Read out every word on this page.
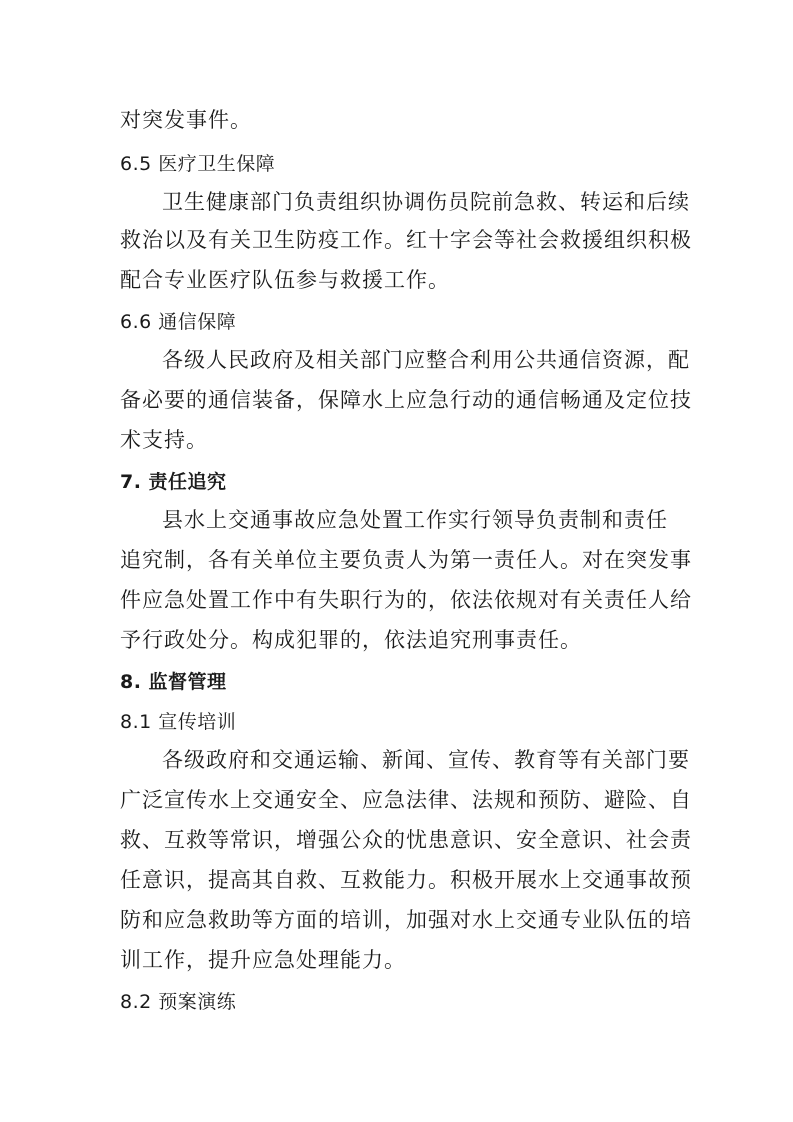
对突发事件。
6.5 医疗卫生保障
卫生健康部门负责组织协调伤员院前急救、转运和后续
救治以及有关卫生防疫工作。红十字会等社会救援组织积极
配合专业医疗队伍参与救援工作。
6.6 通信保障
各级人民政府及相关部门应整合利用公共通信资源，配
备必要的通信装备，保障水上应急行动的通信畅通及定位技
术支持。
7. 责任追究
县水上交通事故应急处置工作实行领导负责制和责任
追究制，各有关单位主要负责人为第一责任人。对在突发事
件应急处置工作中有失职行为的，依法依规对有关责任人给
予行政处分。构成犯罪的，依法追究刑事责任。
8. 监督管理
8.1 宣传培训
各级政府和交通运输、新闻、宣传、教育等有关部门要
广泛宣传水上交通安全、应急法律、法规和预防、避险、自
救、互救等常识，增强公众的忧患意识、安全意识、社会责
任意识，提高其自救、互救能力。积极开展水上交通事故预
防和应急救助等方面的培训，加强对水上交通专业队伍的培
训工作，提升应急处理能力。
8.2 预案演练
